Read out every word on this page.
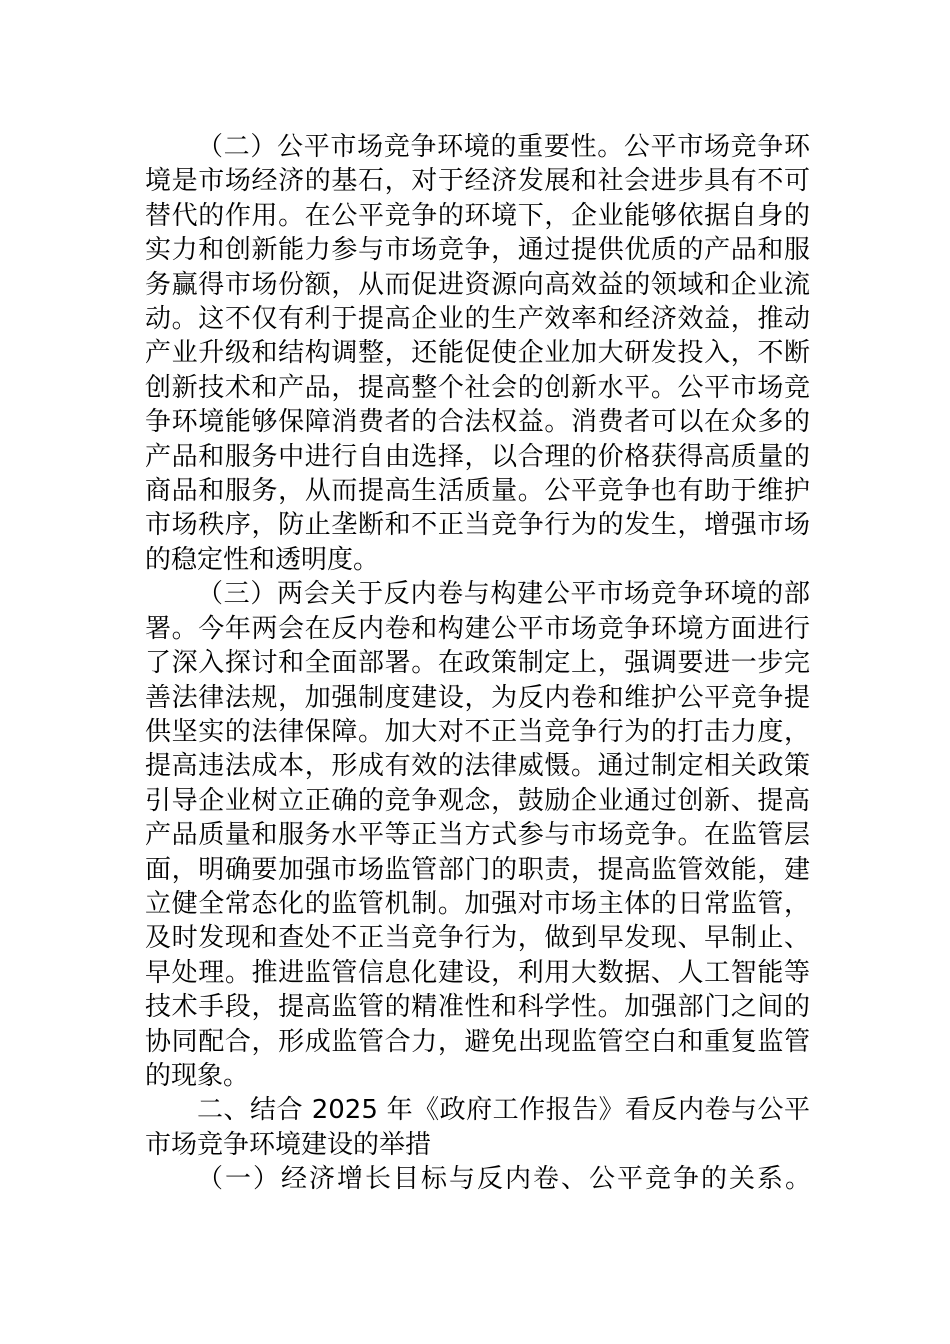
（二）公平市场竞争环境的重要性。公平市场竞争环境是市场经济的基石，对于经济发展和社会进步具有不可替代的作用。在公平竞争的环境下，企业能够依据自身的实力和创新能力参与市场竞争，通过提供优质的产品和服务赢得市场份额，从而促进资源向高效益的领域和企业流动。这不仅有利于提高企业的生产效率和经济效益，推动产业升级和结构调整，还能促使企业加大研发投入，不断创新技术和产品，提高整个社会的创新水平。公平市场竞争环境能够保障消费者的合法权益。消费者可以在众多的产品和服务中进行自由选择，以合理的价格获得高质量的商品和服务，从而提高生活质量。公平竞争也有助于维护市场秩序，防止垄断和不正当竞争行为的发生，增强市场的稳定性和透明度。

（三）两会关于反内卷与构建公平市场竞争环境的部署。今年两会在反内卷和构建公平市场竞争环境方面进行了深入探讨和全面部署。在政策制定上，强调要进一步完善法律法规，加强制度建设，为反内卷和维护公平竞争提供坚实的法律保障。加大对不正当竞争行为的打击力度，提高违法成本，形成有效的法律威慑。通过制定相关政策引导企业树立正确的竞争观念，鼓励企业通过创新、提高产品质量和服务水平等正当方式参与市场竞争。在监管层面，明确要加强市场监管部门的职责，提高监管效能，建立健全常态化的监管机制。加强对市场主体的日常监管，及时发现和查处不正当竞争行为，做到早发现、早制止、早处理。推进监管信息化建设，利用大数据、人工智能等技术手段，提高监管的精准性和科学性。加强部门之间的协同配合，形成监管合力，避免出现监管空白和重复监管的现象。

二、结合 2025 年《政府工作报告》看反内卷与公平市场竞争环境建设的举措

（一）经济增长目标与反内卷、公平竞争的关系。
